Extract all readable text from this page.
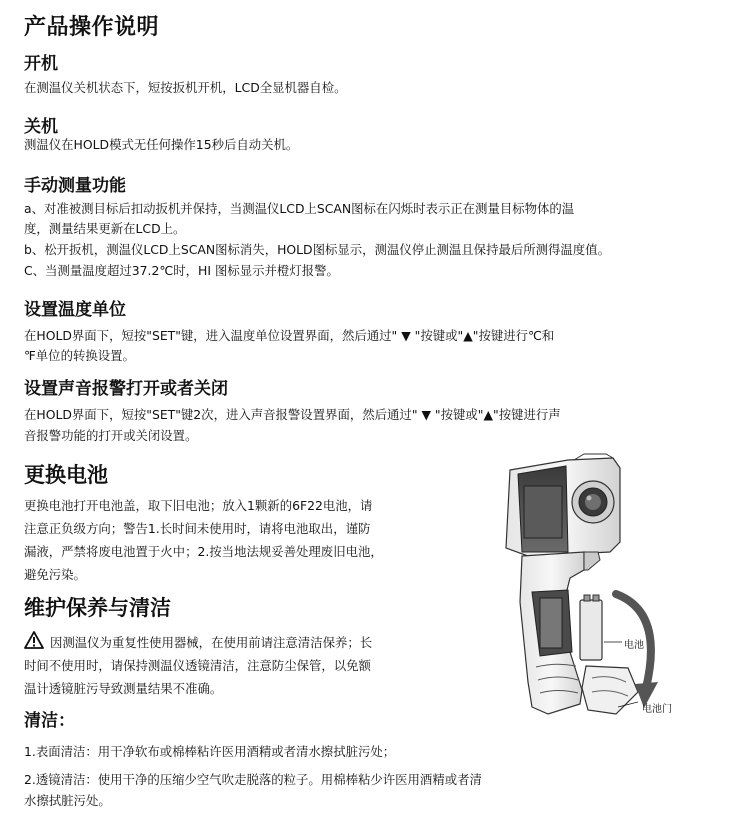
产品操作说明
开机
在测温仪关机状态下，短按扳机开机，LCD全显机器自检。
关机
测温仪在HOLD模式无任何操作15秒后自动关机。
手动测量功能
a、对准被测目标后扣动扳机并保持，当测温仪LCD上SCAN图标在闪烁时表示正在测量目标物体的温
度，测量结果更新在LCD上。
b、松开扳机，测温仪LCD上SCAN图标消失，HOLD图标显示，测温仪停止测温且保持最后所测得温度值。
C、当测量温度超过37.2℃时，HI 图标显示并橙灯报警。
设置温度单位
在HOLD界面下，短按"SET"键，进入温度单位设置界面，然后通过" ▼ "按键或"▲"按键进行℃和
℉单位的转换设置。
设置声音报警打开或者关闭
在HOLD界面下，短按"SET"键2次，进入声音报警设置界面，然后通过" ▼ "按键或"▲"按键进行声
音报警功能的打开或关闭设置。
更换电池
更换电池打开电池盖，取下旧电池；放入1颗新的6F22电池，请
注意正负级方向；警告1.长时间未使用时，请将电池取出，谨防
漏液，严禁将废电池置于火中；2.按当地法规妥善处理废旧电池，
避免污染。
维护保养与清洁
因测温仪为重复性使用器械，在使用前请注意清洁保养；长
时间不使用时，请保持测温仪透镜清洁，注意防尘保管，以免额
温计透镜脏污导致测量结果不准确。
清洁：
1.表面清洁：用干净软布或棉棒粘许医用酒精或者清水擦拭脏污处；
2.透镜清洁：使用干净的压缩少空气吹走脱落的粒子。用棉棒粘少许医用酒精或者清
水擦拭脏污处。
电池
电池门
